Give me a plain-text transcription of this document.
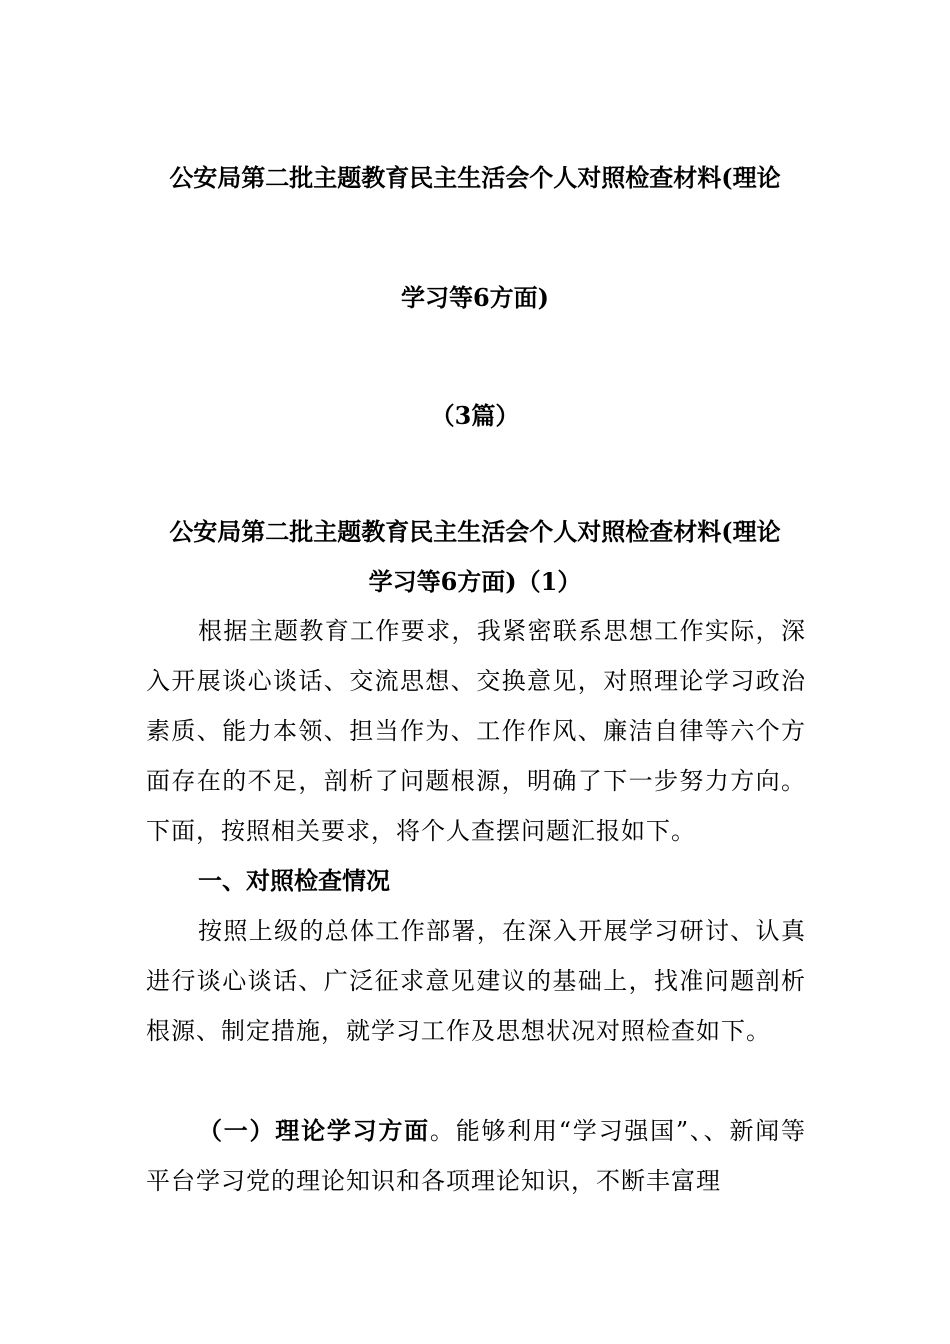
公安局第二批主题教育民主生活会个人对照检查材料(理论
学习等6方面)
（3篇）
公安局第二批主题教育民主生活会个人对照检查材料(理论
学习等6方面)（1）

根据主题教育工作要求，我紧密联系思想工作实际，深入开展谈心谈话、交流思想、交换意见，对照理论学习政治素质、能力本领、担当作为、工作作风、廉洁自律等六个方面存在的不足，剖析了问题根源，明确了下一步努力方向。下面，按照相关要求，将个人查摆问题汇报如下。

一、对照检查情况

按照上级的总体工作部署，在深入开展学习研讨、认真进行谈心谈话、广泛征求意见建议的基础上，找准问题剖析根源、制定措施，就学习工作及思想状况对照检查如下。

（一）理论学习方面。能够利用“学习强国”、、新闻等平台学习党的理论知识和各项理论知识，不断丰富理
